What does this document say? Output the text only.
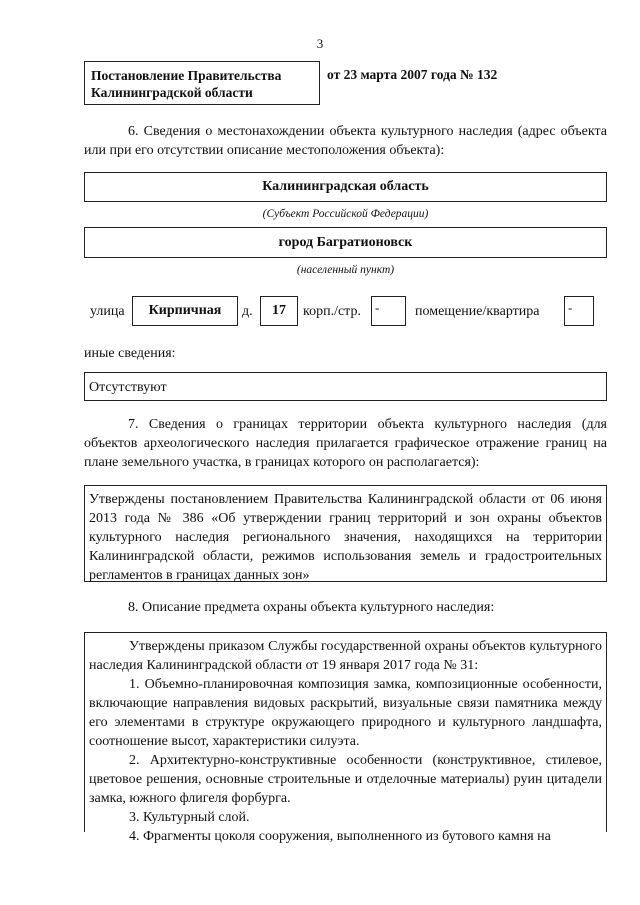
3
Постановление Правительства
Калининградской области
от 23 марта 2007 года № 132
6. Сведения о местонахождении объекта культурного наследия (адрес объекта или при его отсутствии описание местоположения объекта):
Калининградская область
(Субъект Российской Федерации)
город Багратионовск
(населенный пункт)
улица	Кирпичная	д.	17	корп./стр.	-	помещение/квартира	-
иные сведения:

Отсутствуют

7. Сведения о границах территории объекта культурного наследия (для объектов археологического наследия прилагается графическое отражение границ на плане земельного участка, в границах которого он располагается):

Утверждены постановлением Правительства Калининградской области от 06 июня 2013 года № 386 «Об утверждении границ территорий и зон охраны объектов культурного наследия регионального значения, находящихся на территории Калининградской области, режимов использования земель и градостроительных регламентов в границах данных зон»

8. Описание предмета охраны объекта культурного наследия:

Утверждены приказом Службы государственной охраны объектов культурного наследия Калининградской области от 19 января 2017 года № 31:

1. Объемно-планировочная композиция замка, композиционные особенности, включающие направления видовых раскрытий, визуальные связи памятника между его элементами в структуре окружающего природного и культурного ландшафта, соотношение высот, характеристики силуэта.

2. Архитектурно-конструктивные особенности (конструктивное, стилевое, цветовое решения, основные строительные и отделочные материалы) руин цитадели замка, южного флигеля форбурга.

3. Культурный слой.

4. Фрагменты цоколя сооружения, выполненного из бутового камня на
